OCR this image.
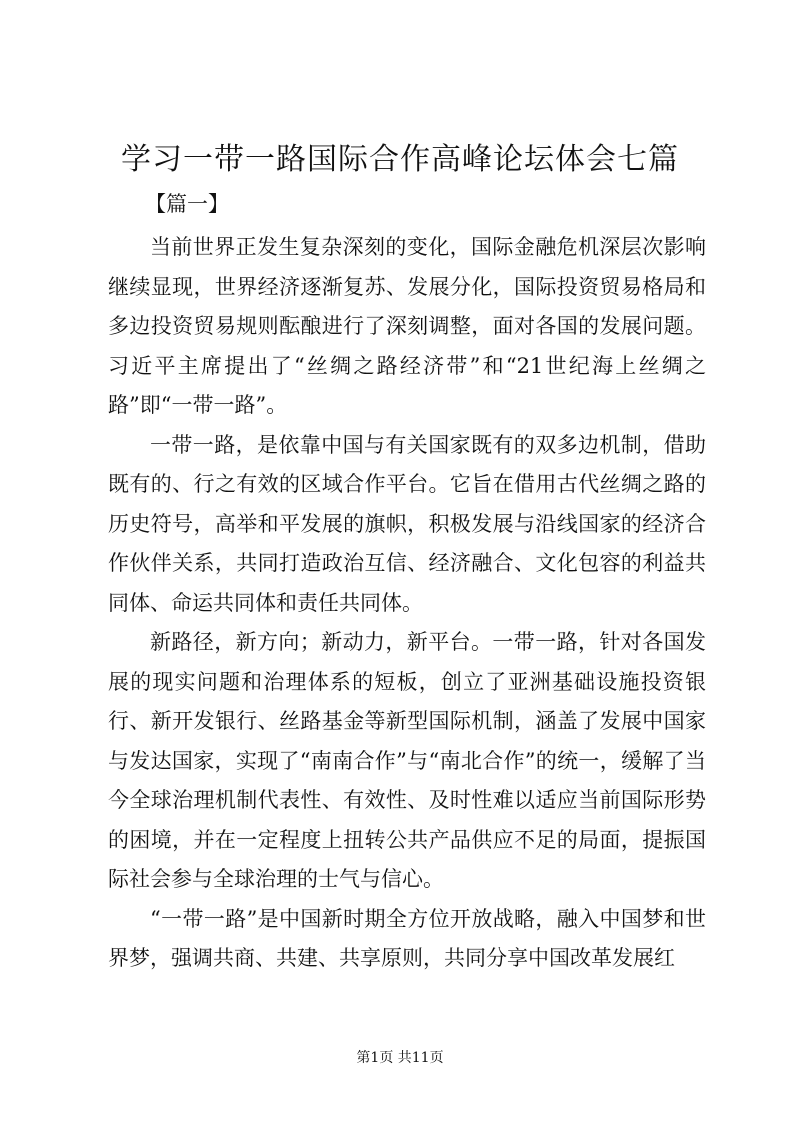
学习一带一路国际合作高峰论坛体会七篇

【篇一】

当前世界正发生复杂深刻的变化，国际金融危机深层次影响继续显现，世界经济逐渐复苏、发展分化，国际投资贸易格局和多边投资贸易规则酝酿进行了深刻调整，面对各国的发展问题。习近平主席提出了“丝绸之路经济带”和“21世纪海上丝绸之路”即“一带一路”。

一带一路，是依靠中国与有关国家既有的双多边机制，借助既有的、行之有效的区域合作平台。它旨在借用古代丝绸之路的历史符号，高举和平发展的旗帜，积极发展与沿线国家的经济合作伙伴关系，共同打造政治互信、经济融合、文化包容的利益共同体、命运共同体和责任共同体。

新路径，新方向；新动力，新平台。一带一路，针对各国发展的现实问题和治理体系的短板，创立了亚洲基础设施投资银行、新开发银行、丝路基金等新型国际机制，涵盖了发展中国家与发达国家，实现了“南南合作”与“南北合作”的统一，缓解了当今全球治理机制代表性、有效性、及时性难以适应当前国际形势的困境，并在一定程度上扭转公共产品供应不足的局面，提振国际社会参与全球治理的士气与信心。

“一带一路”是中国新时期全方位开放战略，融入中国梦和世界梦，强调共商、共建、共享原则，共同分享中国改革发展红

第1页 共11页
